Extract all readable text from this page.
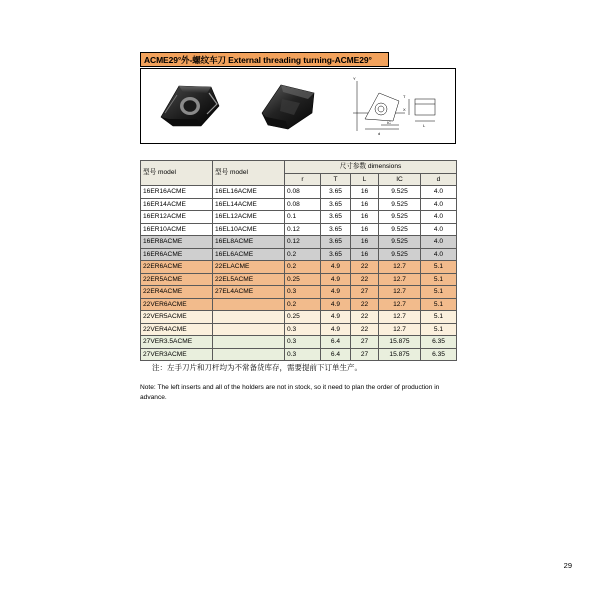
ACME29°外-螺纹车刀 External threading turning-ACME29°
Y
X
IC
d
T
L
型号 model	型号 model	尺寸参数 dimensions				
		r	T	L	IC	d
16ER16ACME	16EL16ACME	0.08	3.65	16	9.525	4.0
16ER14ACME	16EL14ACME	0.08	3.65	16	9.525	4.0
16ER12ACME	16EL12ACME	0.1	3.65	16	9.525	4.0
16ER10ACME	16EL10ACME	0.12	3.65	16	9.525	4.0
16ER8ACME	16EL8ACME	0.12	3.65	16	9.525	4.0
16ER6ACME	16EL6ACME	0.2	3.65	16	9.525	4.0
22ER6ACME	22ELACME	0.2	4.9	22	12.7	5.1
22ER5ACME	22EL5ACME	0.25	4.9	22	12.7	5.1
22ER4ACME	27EL4ACME	0.3	4.9	27	12.7	5.1
22VER6ACME		0.2	4.9	22	12.7	5.1
22VER5ACME		0.25	4.9	22	12.7	5.1
22VER4ACME		0.3	4.9	22	12.7	5.1
27VER3.5ACME		0.3	6.4	27	15.875	6.35
27VER3ACME		0.3	6.4	27	15.875	6.35
注：左手刀片和刀杆均为不常备货库存，需要提前下订单生产。
Note: The left inserts and all of the holders are not in stock, so it need to plan the order of production in advance.
29
